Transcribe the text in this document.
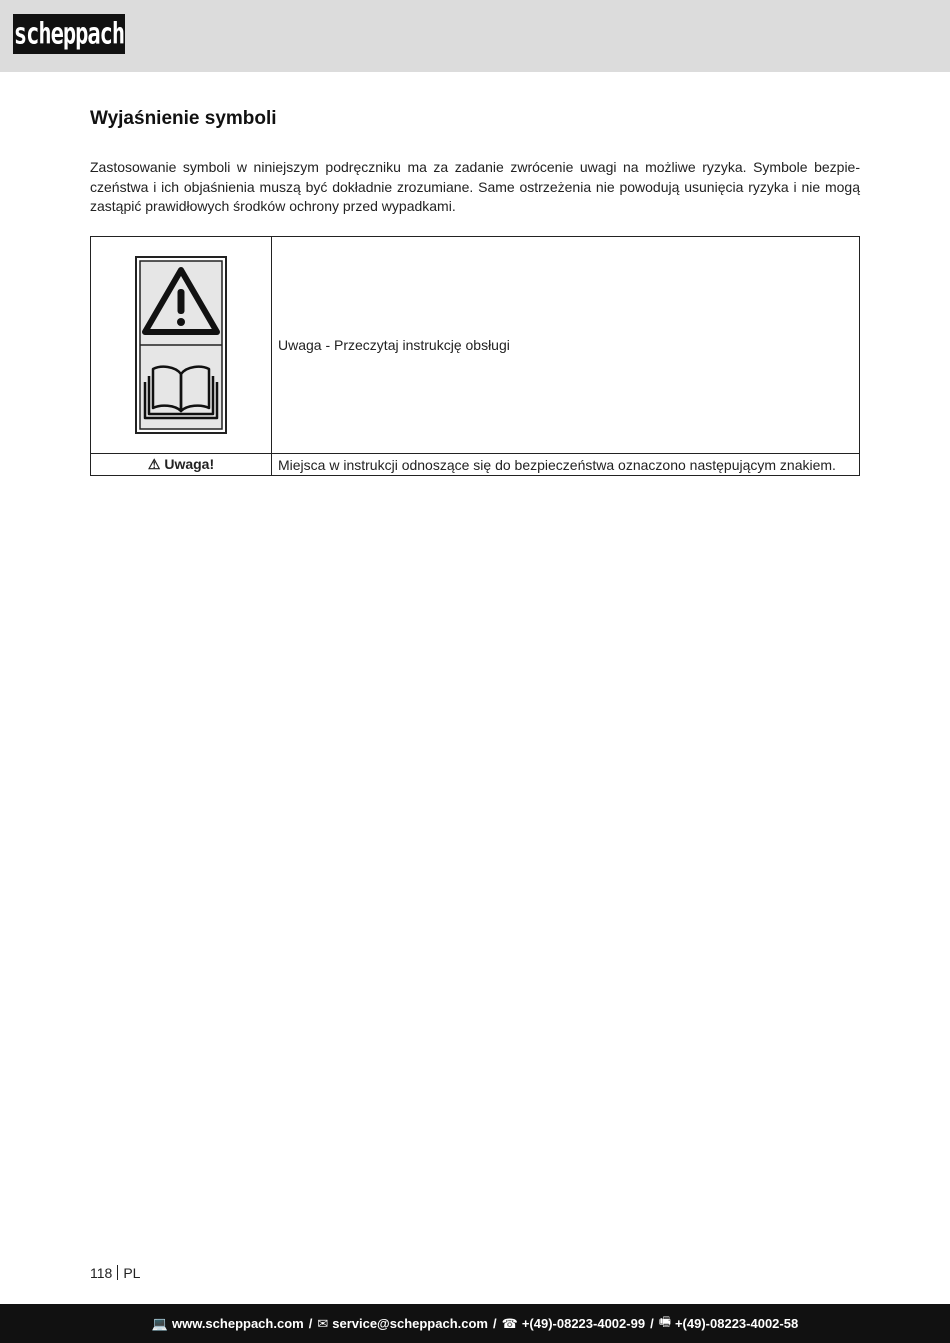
scheppach
Wyjaśnienie symboli

Zastosowanie symboli w niniejszym podręczniku ma za zadanie zwrócenie uwagi na możliwe ryzyka. Symbole bezpie-czeństwa i ich objaśnienia muszą być dokładnie zrozumiane. Same ostrzeżenia nie powodują usunięcia ryzyka i nie mogą zastąpić prawidłowych środków ochrony przed wypadkami.

	Uwaga - Przeczytaj instrukcję obsługi
⚠ Uwaga!	Miejsca w instrukcji odnoszące się do bezpieczeństwa oznaczono następującym znakiem.
118 PL
💻 www.scheppach.com / ✉ service@scheppach.com / ☎ +(49)-08223-4002-99 / 🖷 +(49)-08223-4002-58
